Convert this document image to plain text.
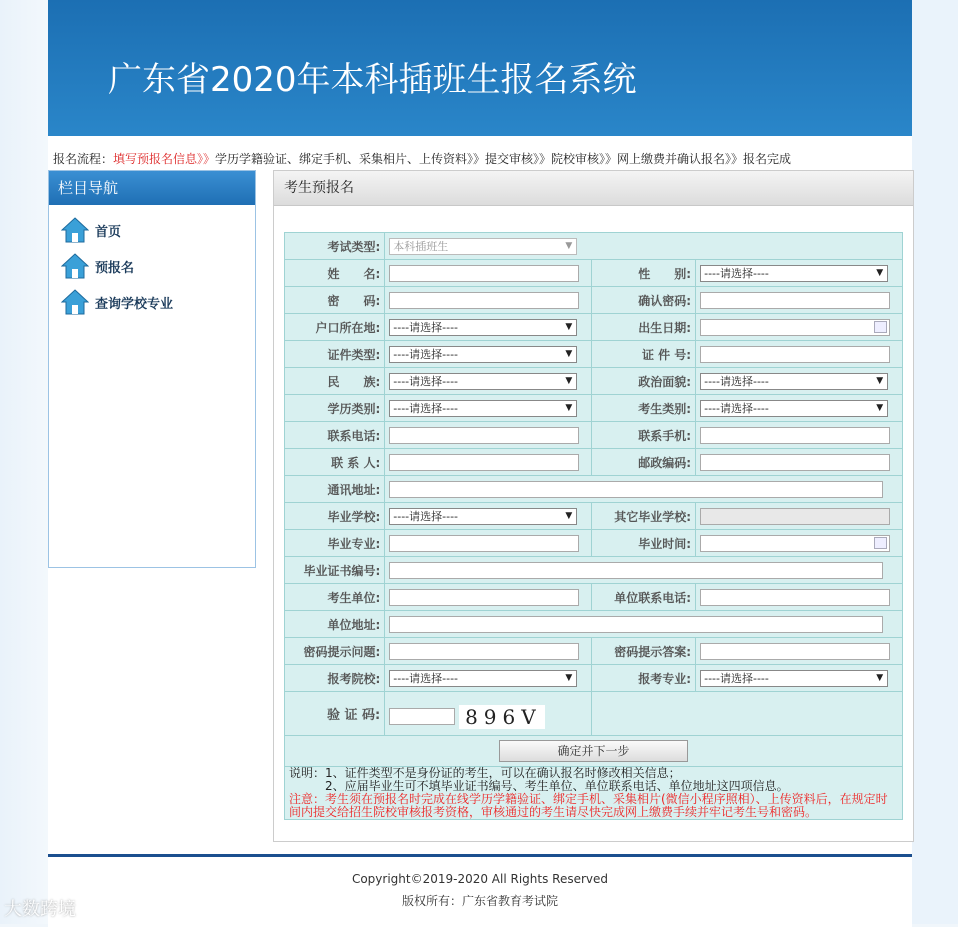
广东省2020年本科插班生报名系统
报名流程：填写预报名信息》》学历学籍验证、绑定手机、采集相片、上传资料》》提交审核》》院校审核》》网上缴费并确认报名》》报名完成
栏目导航
首页
预报名
查询学校专业
考生预报名
考试类型:	本科插班生 ▼		

姓　　名:		性　　别:	----请选择---- ▼

密　　码:		确认密码:	
户口所在地:	----请选择---- ▼	出生日期:	

证件类型:	----请选择---- ▼	证 件 号:	
民　　族:	----请选择---- ▼	政治面貌:	----请选择---- ▼

学历类别:	----请选择---- ▼	考生类别:	----请选择---- ▼

联系电话:		联系手机:	
联 系 人:		邮政编码:	
通讯地址:	
毕业学校:	----请选择---- ▼	其它毕业学校:	
毕业专业:		毕业时间:	

毕业证书编号:	
考生单位:		单位联系电话:	
单位地址:	
密码提示问题:		密码提示答案:	
报考院校:	----请选择---- ▼	报考专业:	----请选择---- ▼

验 证 码:	896V		
确定并下一步			

说明：1、证件类型不是身份证的考生，可以在确认报名时修改相关信息；
2、应届毕业生可不填毕业证书编号、考生单位、单位联系电话、单位地址这四项信息。
注意：考生须在预报名时完成在线学历学籍验证、绑定手机、采集相片(微信小程序照相）、上传资料后，在规定时间内提交给招生院校审核报考资格，审核通过的考生请尽快完成网上缴费手续并牢记考生号和密码。			
Copyright©2019-2020 All Rights Reserved
版权所有：广东省教育考试院
大数跨境
